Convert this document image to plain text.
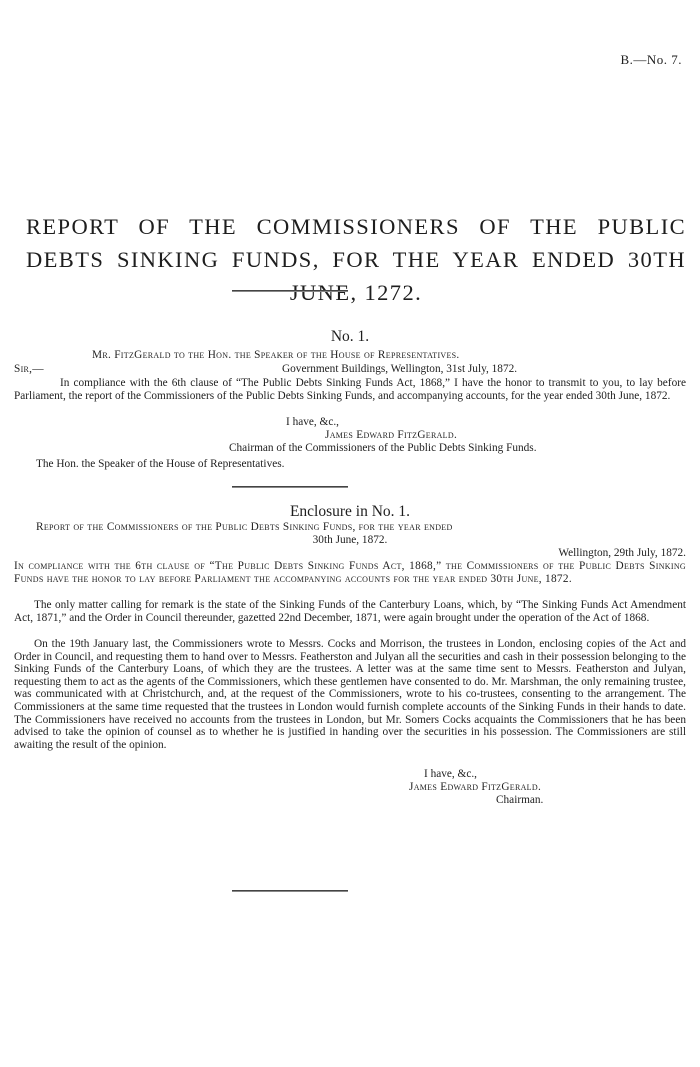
B.—No. 7.
REPORT OF THE COMMISSIONERS OF THE PUBLIC DEBTS SINKING FUNDS, FOR THE YEAR ENDED 30TH JUNE, 1272.
No. 1.

Mr. FitzGerald to the Hon. the Speaker of the House of Representatives.

Sir,—	Government Buildings, Wellington, 31st July, 1872.

In compliance with the 6th clause of “The Public Debts Sinking Funds Act, 1868,” I have the honor to transmit to you, to lay before Parliament, the report of the Commissioners of the Public Debts Sinking Funds, and accompanying accounts, for the year ended 30th June, 1872.

I have, &c.,

James Edward FitzGerald.

Chairman of the Commissioners of the Public Debts Sinking Funds.

The Hon. the Speaker of the House of Representatives.

Enclosure in No. 1.

Report of the Commissioners of the Public Debts Sinking Funds, for the year ended

30th June, 1872.

Wellington, 29th July, 1872.

In compliance with the 6th clause of “The Public Debts Sinking Funds Act, 1868,” the Commissioners of the Public Debts Sinking Funds have the honor to lay before Parliament the accompanying accounts for the year ended 30th June, 1872.

The only matter calling for remark is the state of the Sinking Funds of the Canterbury Loans, which, by “The Sinking Funds Act Amendment Act, 1871,” and the Order in Council thereunder, gazetted 22nd December, 1871, were again brought under the operation of the Act of 1868.

On the 19th January last, the Commissioners wrote to Messrs. Cocks and Morrison, the trustees in London, enclosing copies of the Act and Order in Council, and requesting them to hand over to Messrs. Featherston and Julyan all the securities and cash in their possession belonging to the Sinking Funds of the Canterbury Loans, of which they are the trustees. A letter was at the same time sent to Messrs. Featherston and Julyan, requesting them to act as the agents of the Commissioners, which these gentlemen have consented to do. Mr. Marshman, the only remaining trustee, was communicated with at Christchurch, and, at the request of the Commissioners, wrote to his co-trustees, consenting to the arrangement. The Commissioners at the same time requested that the trustees in London would furnish complete accounts of the Sinking Funds in their hands to date. The Commissioners have received no accounts from the trustees in London, but Mr. Somers Cocks acquaints the Commissioners that he has been advised to take the opinion of counsel as to whether he is justified in handing over the securities in his possession. The Commissioners are still awaiting the result of the opinion.

I have, &c.,

James Edward FitzGerald.

Chairman.
